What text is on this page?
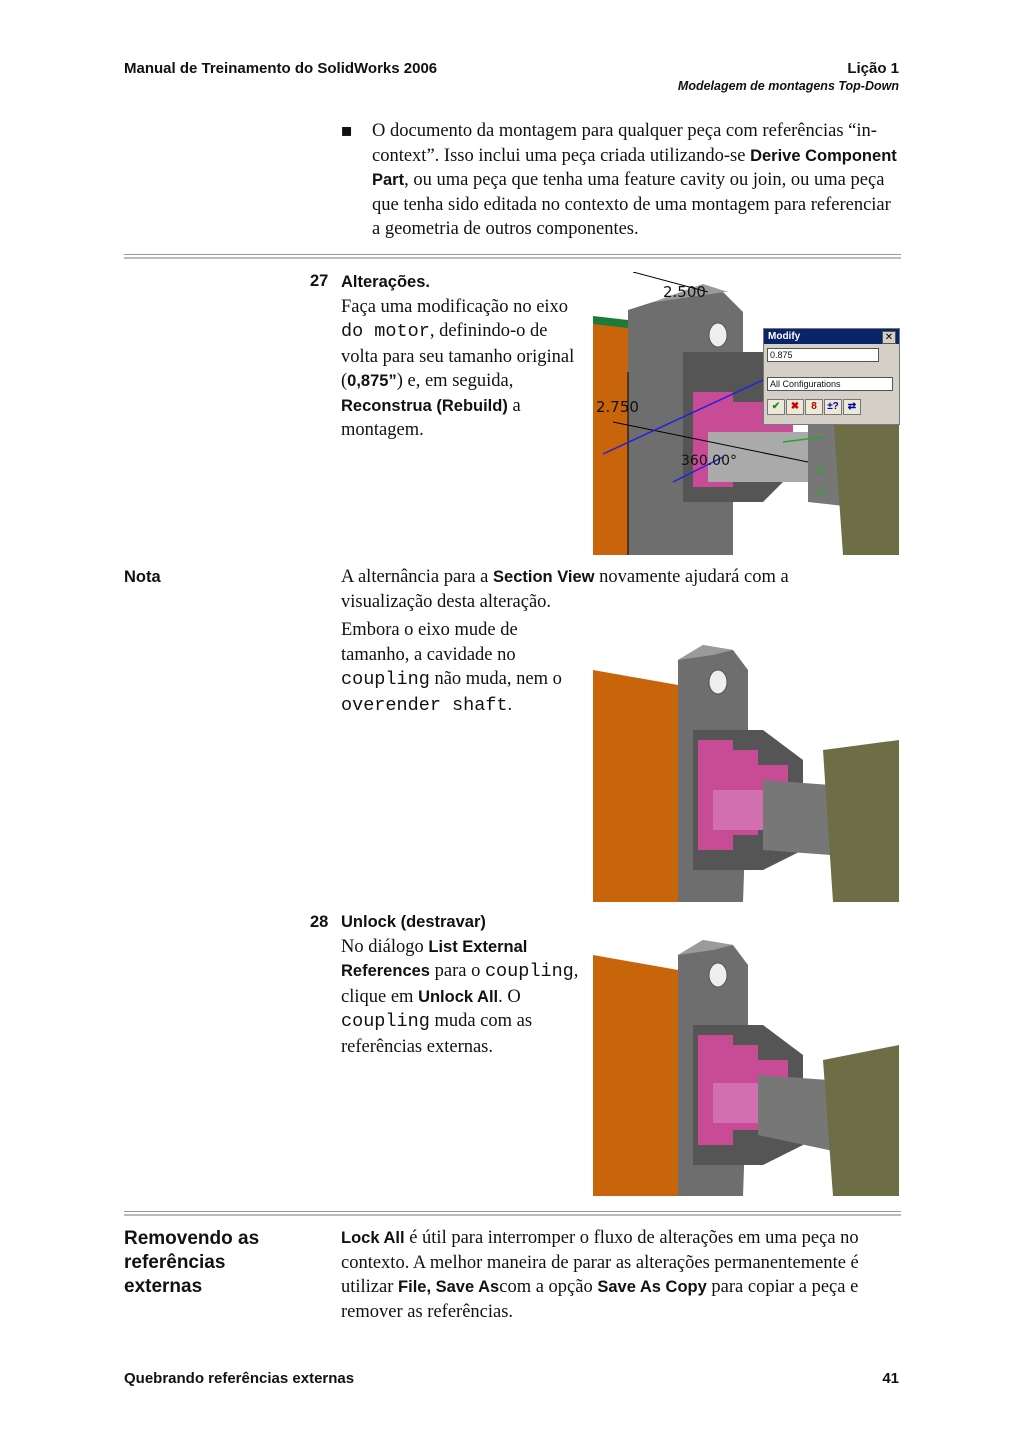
Manual de Treinamento do SolidWorks 2006	Lição 1
Modelagem de montagens Top-Down
■	O documento da montagem para qualquer peça com referências “in-context”. Isso inclui uma peça criada utilizando-se Derive Component Part, ou uma peça que tenha uma feature cavity ou join, ou uma peça que tenha sido editada no contexto de uma montagem para referenciar a geometria de outros componentes.
27 Alterações.
Faça uma modificação no eixo do motor, definindo-o de volta para seu tamanho original (0,875”) e, em seguida, Reconstrua (Rebuild) a montagem.
2.500
2.750
360.00°
Modify	✕
0.875
All Configurations
✔	✖	8	±? ⇄
Nota	A alternância para a Section View novamente ajudará com a visualização desta alteração.
Embora o eixo mude de tamanho, a cavidade no coupling não muda, nem o overender shaft.
28 Unlock (destravar)
No diálogo List External References para o coupling, clique em Unlock All. O coupling muda com as referências externas.
Removendo as referências externas
Lock All é útil para interromper o fluxo de alterações em uma peça no contexto. A melhor maneira de parar as alterações permanentemente é utilizar File, Save Ascom a opção Save As Copy para copiar a peça e remover as referências.
Quebrando referências externas	41
